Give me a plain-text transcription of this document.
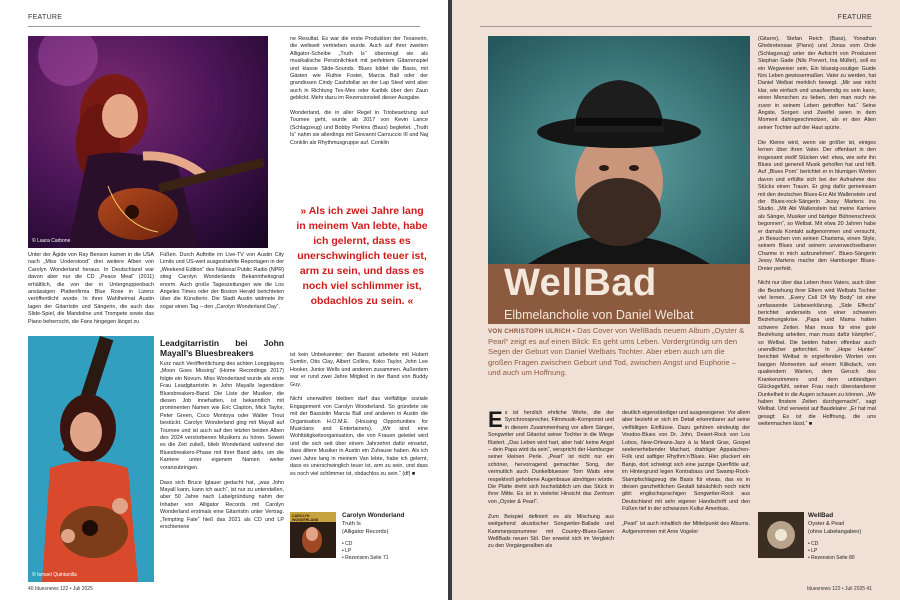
FEATURE
© Laura Carbone

Unter der Ägide von Ray Benson kamen in die USA nach „Miss Understood“ drei weitere Alben von Carolyn Wonderland heraus. In Deutschland war davon aber nur die CD „Peace Meal“ (2011) erhältlich, die von der in Untergruppenbach ansässigen Plattenfirma Blue Rose in Lizenz veröffentlicht wurde. In ihrer Wahlheimat Austin lagen der Gitarristin und Sängerin, die auch das Slide-Spiel, die Mandoline und Trompete sowie das Piano beherrscht, die Fans hingegen längst zu

Füßen. Durch Auftritte im Live-TV von Austin City Limits und US-weit ausgestrahlte Reportagen in der „Weekend Edition“ des National Public Radio (NPR) stieg Carolyn Wonderlands Bekanntheitsgrad enorm. Auch große Tageszeitungen wie die Los Angeles Times oder der Boston Herald berichteten über die Künstlerin. Die Stadt Austin widmete ihr sogar einen Tag – den „Carolyn Wonderland Day“.

© Ismael Quintanilla
Leadgitarristin bei John Mayall’s Bluesbreakers

Kurz nach Veröffentlichung des achten Longplayers „Moon Goes Missing“ (Home Recordings 2017) folgte ein Novum. Miss Wonderland wurde als erste Frau Leadgitarristin in John Mayalls legendärer Bluesbreakers-Band. Die Liste der Musiker, die diesen Job innehatten, ist bekanntlich mit prominenten Namen wie Eric Clapton, Mick Taylor, Peter Green, Coco Montoya oder Walter Trout bestückt. Carolyn Wonderland ging mit Mayall auf Tournee und ist auch auf den letzten beiden Alben des 2024 verstorbenen Musikers zu hören. Soweit es die Zeit zuließ, blieb Wonderland während der Bluesbreakers-Phase mit ihrer Band aktiv, um die Karriere unter eigenem Namen weiter voranzubringen.

Dass sich Bruce Iglauer gedacht hat, „was John Mayall kann, kann ich auch“, ist nur zu unterstellen, aber 50 Jahre nach Labelgründung nahm der Inhaber von Alligator Records mit Carolyn Wonderland erstmals eine Gitarristin unter Vertrag. „Tempting Fate“ hieß das 2021 als CD und LP erschienene

ne Resultat. Es war die erste Produktion der Texanerin, die weltweit vertrieben wurde. Auch auf ihrer zweiten Alligator-Scheibe „Truth Is“ überzeugt sie als musikalische Persönlichkeit mit perfektem Gitarrenspiel und klasse Slide-Sounds. Blues bildet die Basis, mit Gästen wie Ruthie Foster, Marcia Ball oder der grandiosen Cindy Cashdollar an der Lap Steel wird aber auch in Richtung Tex-Mex oder Karibik über den Zaun geblickt. Mehr dazu im Rezensionsteil dieser Ausgabe.

Wonderland, die in aller Regel in Triobesetzung auf Tournee geht, wurde ab 2017 von Kevin Lance (Schlagzeug) und Bobby Perkins (Bass) begleitet. „Truth Is“ nahm sie allerdings mit Giovanni Carnuccio III und Naj Conklin als Rhythmusgruppe auf. Conklin

» Als ich zwei Jahre lang in meinem Van lebte, habe ich gelernt, dass es unerschwinglich teuer ist, arm zu sein, und dass es noch viel schlimmer ist, obdachlos zu sein. «

ist kein Unbekannter; der Bassist arbeitete mit Hubert Sumlin, Otis Clay, Albert Collins, Koko Taylor, John Lee Hooker, Junior Wells und anderen zusammen. Außerdem war er rund zwei Jahre Mitglied in der Band von Buddy Guy.

Nicht unerwähnt bleiben darf das vielfältige soziale Engagement von Carolyn Wonderland. So gründete sie mit der Bassistin Marcia Ball und anderen in Austin die Organisation H.O.M.E. (Housing Opportunities for Musicians and Entertainers). „Wir sind eine Wohltätigkeitsorganisation, die von Frauen geleitet wird und die sich seit über einem Jahrzehnt dafür einsetzt, dass ältere Musiker in Austin ein Zuhause haben. Als ich zwei Jahre lang in meinem Van lebte, habe ich gelernt, dass es unerschwinglich teuer ist, arm zu sein, und dass es noch viel schlimmer ist, obdachlos zu sein.“ (df) ■

CAROLYN WONDERLAND
Carolyn Wonderland
Truth Is
(Alligator Records)
• CD
• LP
• Rezension Seite 71
40 bluesnews 122 • Juli 2025
FEATURE
WellBad
Elbmelancholie von Daniel Welbat
VON CHRISTOPH ULRICH • Das Cover von WellBads neuem Album „Oyster & Pearl“ zeigt es auf einen Blick: Es geht ums Leben. Vordergründig um den Segen der Geburt von Daniel Welbats Tochter. Aber eben auch um die großen Fragen zwischen Geburt und Tod, zwischen Angst und Euphorie – und auch um Hoffnung.
E s ist herzlich ehrliche Worte, die der Synchronsprecher, Filmmusik-Komponist und in diesem Zusammenhang vor allem Sänger, Songwriter und Gitarrist seiner Tochter in die Wiege flüstert. „Das Leben wird hart, aber hab‘ keine Angst – dein Papa wird da sein“, verspricht der Hamburger seiner kleinen Perle. „Pearl“ ist nicht nur ein schöner, hervorragend gemachter Song, der vermutlich auch Dunkelbluesser Tom Waits eine respektvoll gehobene Augenbraue abnötigen würde. Die Platte dreht sich buchstäblich um das Stück in ihrer Mitte. Es ist in vielerlei Hinsicht das Zentrum von „Oyster & Pearl“.

Zum Beispiel definiert es als Mischung aus weitgehend akustischer Songwriter-Ballade und Kammerpopnummer mit Country-Blues-Genen WellBads neuen Stil. Der erweist sich im Vergleich zu den Vorgängeralben als

deutlich eigenständiger und ausgewogener. Vor allem aber bezieht er sich im Detail erkennbarer auf seine vielfältigen Einflüsse. Dazu gehören eindeutig der Voodoo-Blues von Dr. John, Desert-Rock von Los Lobos, New-Orleans-Jazz à la Mardi Gras, Gospel seelenerhebender Machart, drahtiger Appalachen-Folk und saftiger Rhythm‘n‘Blues. Hier pluckert ein Banjo, dort schwingt sich eine jazzige Querflöte auf, im Hintergrund legen Kontrabass und Swamp-Rock-Stampfschlagzeug die Basis für etwas, das es in diesen ganzheitlichen Gestalt tatsächlich noch nicht gibt: englischsprachigen Songwriter-Rock aus Deutschland mit sehr eigener Handschrift und den Füßen tief in der schwarzen Kultur Amerikas.

„Pearl“ ist auch inhaltlich der Mittelpunkt des Albums. Aufgenommen mit Arne Vogeler

(Gitarre), Stefan Reich (Bass), Yonathan Ghebretensae (Piano) und Jonas vom Orde (Schlagzeug) unter der Aufsicht von Produzent Stephan Gade (Nils Prevert, Ina Müller), soll es ein Wegweiser sein. Ein bluesig-souliger Guide fürs Leben gewissermaßen. Vater zu werden, hat Daniel Welbat merklich bewegt. „Mir war nicht klar, wie einfach und unaufwendig es sein kann, einen Menschen zu lieben, den man noch nie zuvor in seinem Leben getroffen hat.“ Seine Ängste, Sorgen und Zweifel seien in dem Moment dahingeschmolzen, als er den Alien seiner Tochter auf der Haut spürte.

Die Kleine wird, wenn sie größer ist, einiges lernen über ihren Vater. Der offenbart in den insgesamt zwölf Stücken viel: etwa, wie sehr ihn Blues und generell Musik geholfen hat und hilft. Auf „Blues Porn“ berichtet er in blumigen Worten davon und erfüllte sich bei der Aufnahme des Stücks einen Traum. Er ging dafür gemeinsam mit den deutschen Blues-Erz Abi Wallenstein und der Blues-rock-Sängerin Jessy Martens ins Studio. „Mit Abi Wallenstein hat meine Karriere als Sänger, Musiker und bärtiger Bühnenschreck begonnen“, so Welbat. Mit etwa 20 Jahren habe er damals Kontakt aufgenommen und versucht, „in Besuchen von seinen Charisma, einen Style, seinem Blues und seinem unverwechselbaren Charme in mich aufzunehmen“. Blues-Sängerin Jessy Martens mache den Hamburger Blues-Dreier perfekt.

Nicht nur über das Leben ihres Vaters, auch über die Beziehung ihrer Eltern wird Welbats Tochter viel lernen. „Every Cell Of My Body“ ist eine umfassende Liebeserklärung. „Side Effects“ berichtet anderseits von einer schweren Beziehungskrise. „Papa und Mama hatten schwere Zeiten. Man muss für eine gute Beziehung arbeiten, man muss dafür kämpfen“, so Welbat. Die beiden haben offenbar auch unendlicher geforchtet. In „Hope Hunter“ berichtet Welbat in ergreifenden Worten von bangen Momenten auf einem Kilikdach, von qualiendem Warten, dem Geruch des Krankenzimmers und dem unbändigen Glücksgefühl, seiner Frau nach überstandener Dunkelheit in die Augen schauen zu können. „Wir haben finstere Zeiten durchgemacht“, sagt Welbat. Und verweist auf Baudelaire: „Er hat mal gesagt: Es ist die Hoffnung, die uns weitermachen lässt.“ ■

WellBad
Oyster & Pearl
(ohne Labelangaben)
• CD
• LP
• Rezension Seite 80
bluesnews 122 • Juli 2025 41
